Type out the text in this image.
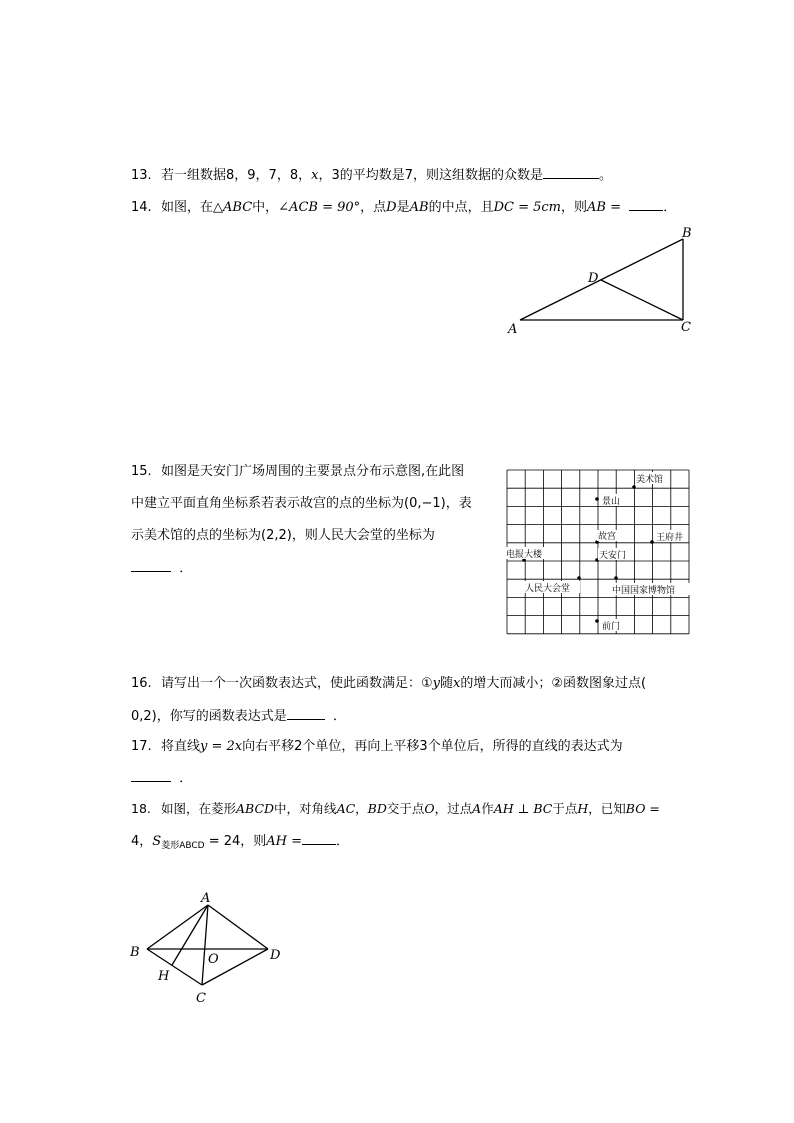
13. 若一组数据8，9，7，8，x，3的平均数是7，则这组数据的众数是	。
14. 如图，在△ABC中，∠ACB = 90°，点D是AB的中点，且DC = 5cm，则AB =	．
A
B
C
D
15. 如图是天安门广场周围的主要景点分布示意图,在此图
中建立平面直角坐标系若表示故宫的点的坐标为(0,−1)，表
示美术馆的点的坐标为(2,2)，则人民大会堂的坐标为
．
美术馆
景山
故宫	王府井
电报大楼	天安门
人民大会堂	中国国家博物馆
前门
16. 请写出一个一次函数表达式，使此函数满足：①y随x的增大而减小；②函数图象过点(
0,2)，你写的函数表达式是	．
17. 将直线y = 2x向右平移2个单位，再向上平移3个单位后，所得的直线的表达式为
．
18. 如图，在菱形ABCD中，对角线AC，BD交于点O，过点A作AH ⊥ BC于点H，已知BO =
4，$S_{菱形ABCD} = 24$，则AH =	．
A
B
C
D
O
H
